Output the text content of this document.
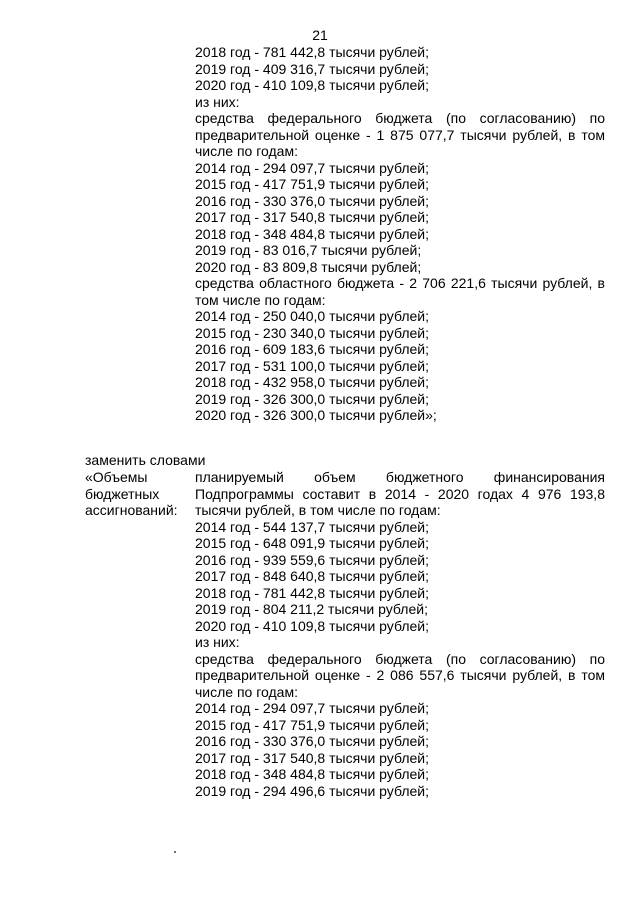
21
2018 год - 781 442,8 тысячи рублей;
2019 год - 409 316,7 тысячи рублей;
2020 год - 410 109,8 тысячи рублей;
из них:
средства федерального бюджета (по согласованию) по
предварительной оценке - 1 875 077,7 тысячи рублей, в том
числе по годам:
2014 год - 294 097,7 тысячи рублей;
2015 год - 417 751,9 тысячи рублей;
2016 год - 330 376,0 тысячи рублей;
2017 год - 317 540,8 тысячи рублей;
2018 год - 348 484,8 тысячи рублей;
2019 год - 83 016,7 тысячи рублей;
2020 год - 83 809,8 тысячи рублей;
средства областного бюджета - 2 706 221,6 тысячи рублей, в
том числе по годам:
2014 год - 250 040,0 тысячи рублей;
2015 год - 230 340,0 тысячи рублей;
2016 год - 609 183,6 тысячи рублей;
2017 год - 531 100,0 тысячи рублей;
2018 год - 432 958,0 тысячи рублей;
2019 год - 326 300,0 тысячи рублей;
2020 год - 326 300,0 тысячи рублей»;
заменить словами
«Объемы
бюджетных
ассигнований:
планируемый объем бюджетного финансирования
Подпрограммы составит в 2014 - 2020 годах 4 976 193,8
тысячи рублей, в том числе по годам:
2014 год - 544 137,7 тысячи рублей;
2015 год - 648 091,9 тысячи рублей;
2016 год - 939 559,6 тысячи рублей;
2017 год - 848 640,8 тысячи рублей;
2018 год - 781 442,8 тысячи рублей;
2019 год - 804 211,2 тысячи рублей;
2020 год - 410 109,8 тысячи рублей;
из них:
средства федерального бюджета (по согласованию) по
предварительной оценке - 2 086 557,6 тысячи рублей, в том
числе по годам:
2014 год - 294 097,7 тысячи рублей;
2015 год - 417 751,9 тысячи рублей;
2016 год - 330 376,0 тысячи рублей;
2017 год - 317 540,8 тысячи рублей;
2018 год - 348 484,8 тысячи рублей;
2019 год - 294 496,6 тысячи рублей;
